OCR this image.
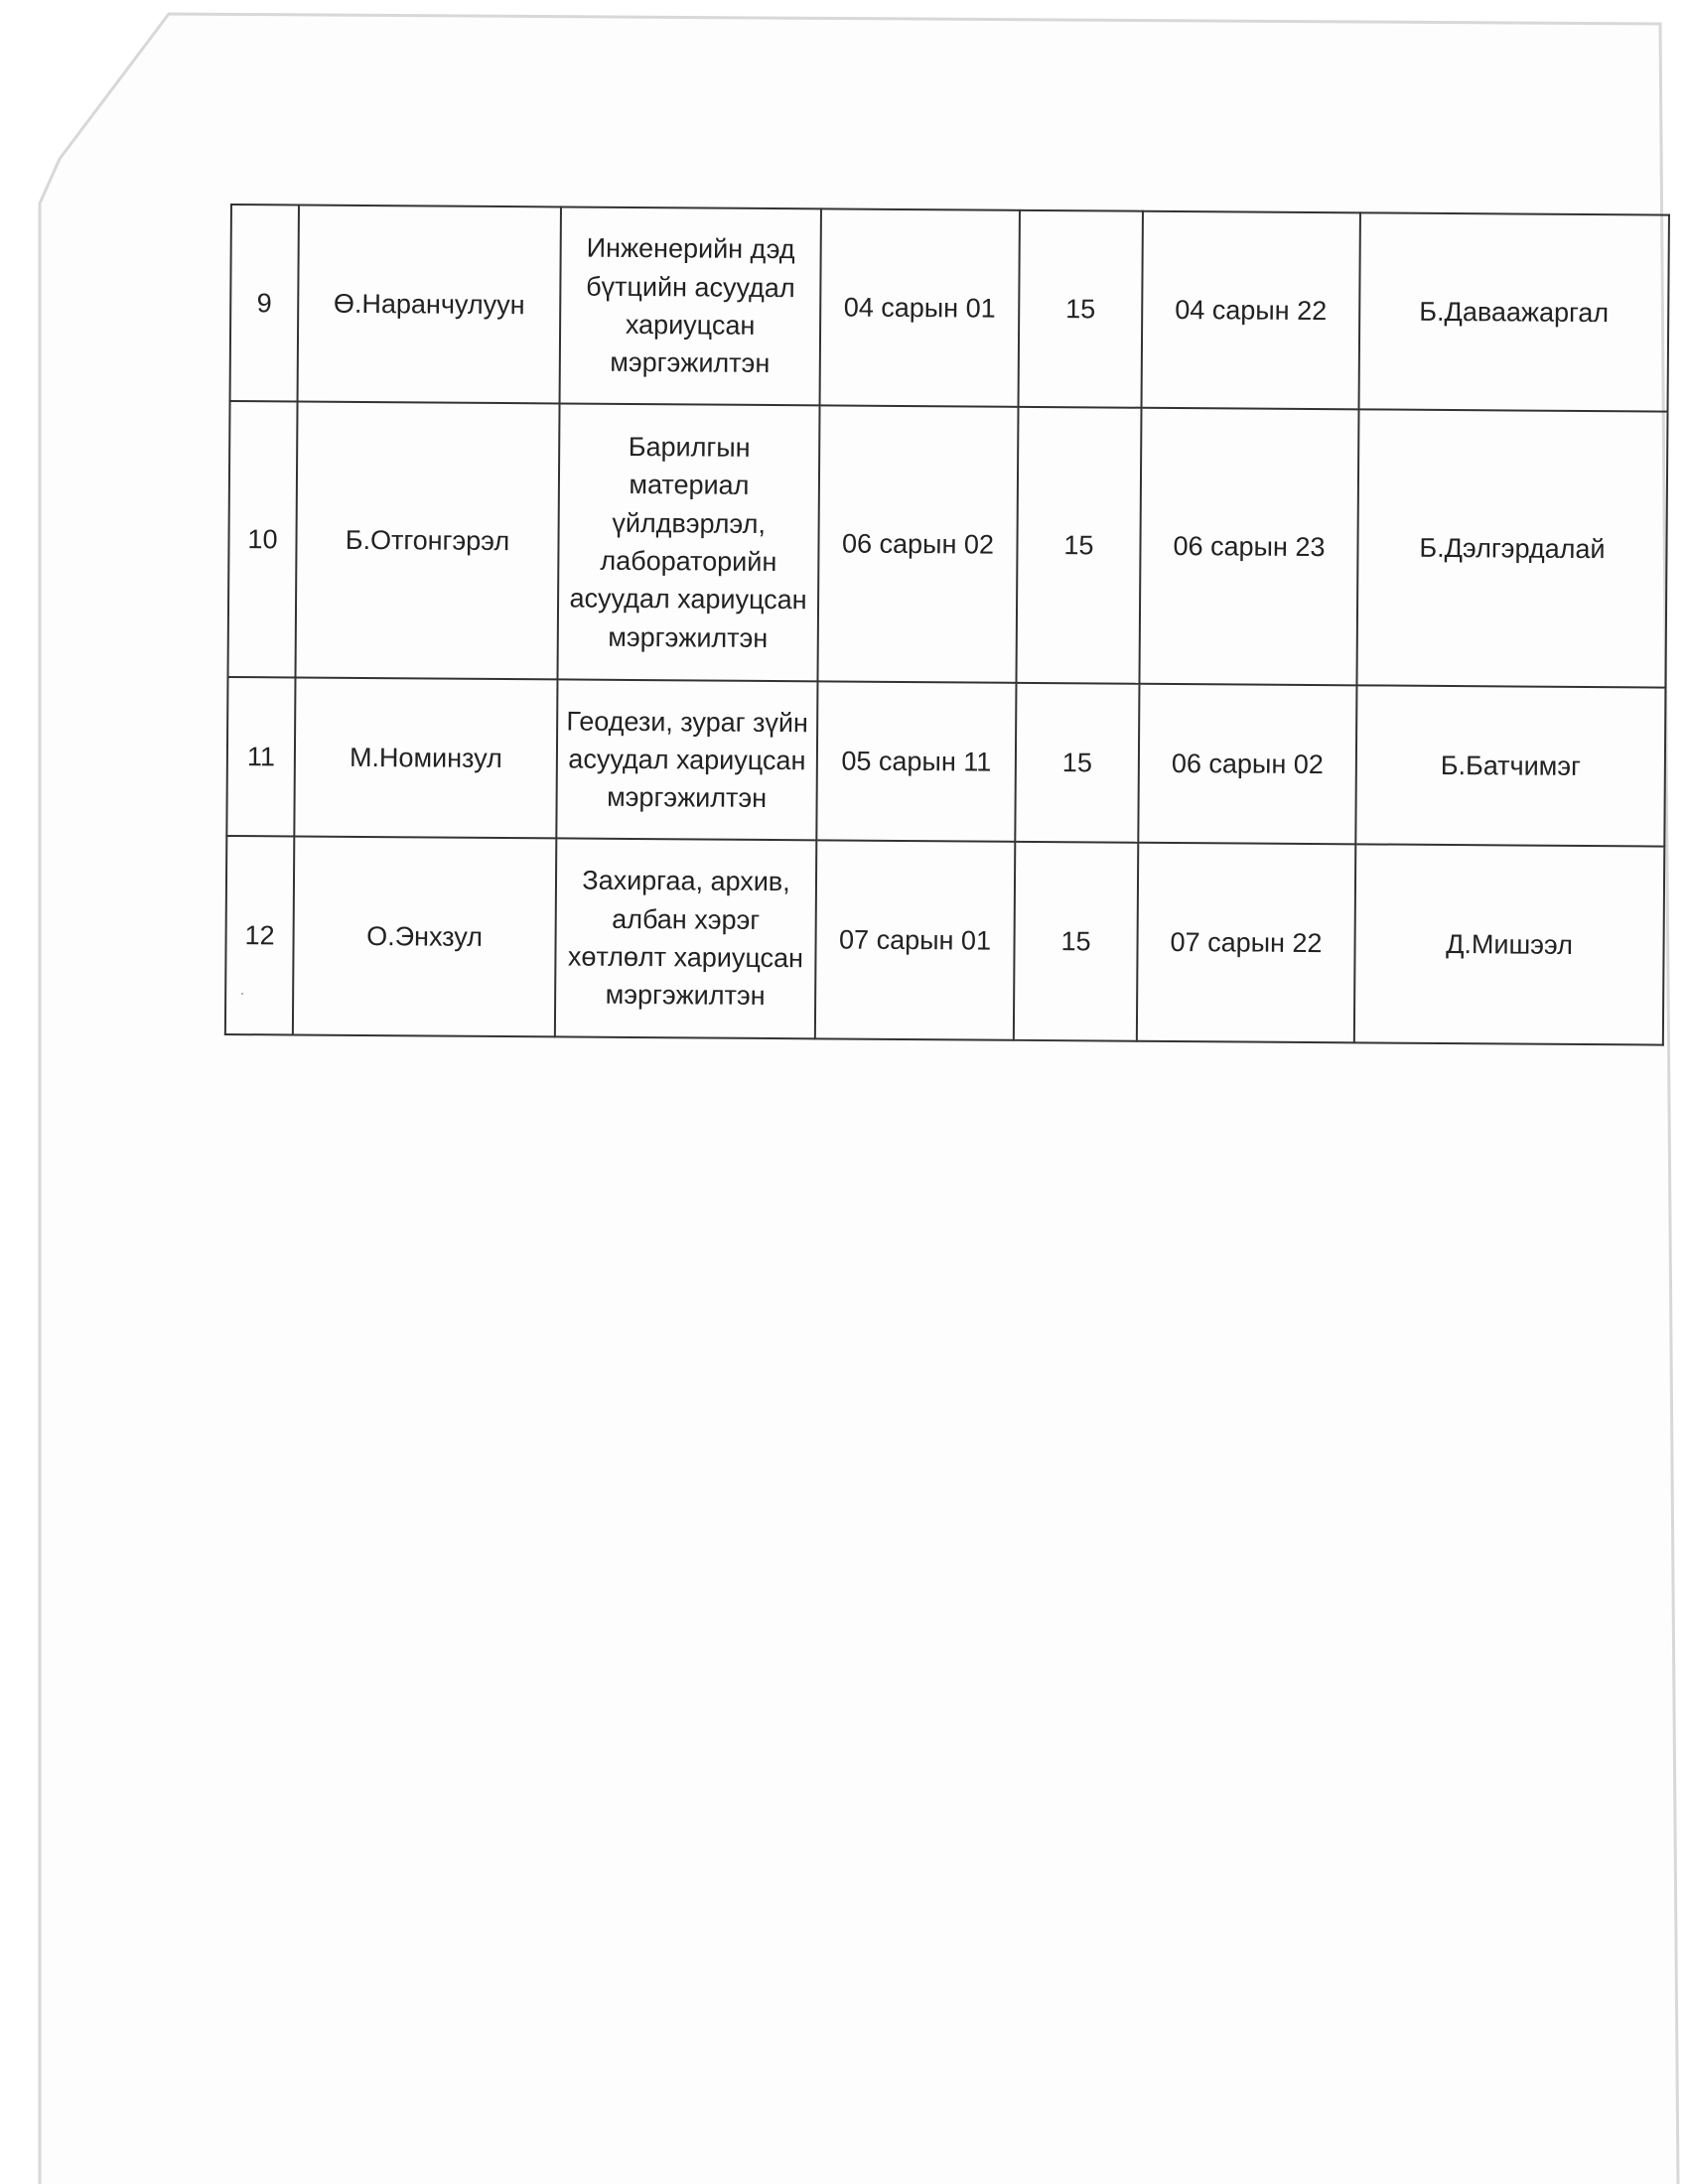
9	Ө.Наранчулуун	Инженерийн дэд бүтцийн асуудал хариуцсан мэргэжилтэн	04 сарын 01	15	04 сарын 22	Б.Даваажаргал
10	Б.Отгонгэрэл	Барилгын материал үйлдвэрлэл, лабораторийн асуудал хариуцсан мэргэжилтэн	06 сарын 02	15	06 сарын 23	Б.Дэлгэрдалай
11	М.Номинзул	Геодези, зураг зүйн асуудал хариуцсан мэргэжилтэн	05 сарын 11	15	06 сарын 02	Б.Батчимэг
12	О.Энхзул	Захиргаа, архив, албан хэрэг хөтлөлт хариуцсан мэргэжилтэн	07 сарын 01	15	07 сарын 22	Д.Мишээл
